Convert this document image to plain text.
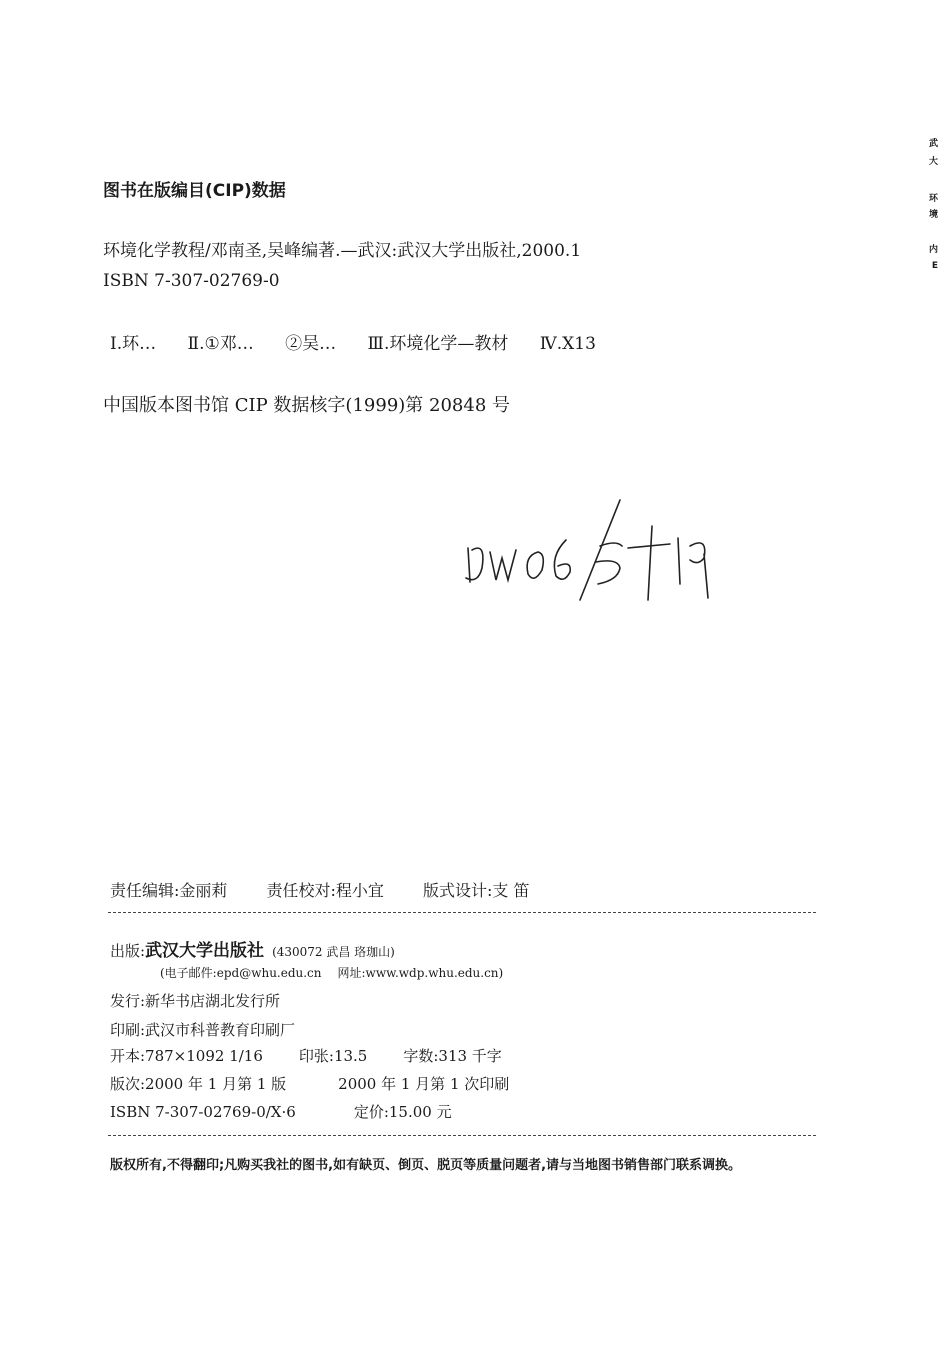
图书在版编目(CIP)数据
环境化学教程/邓南圣,吴峰编著.—武汉:武汉大学出版社,2000.1
ISBN 7-307-02769-0
Ⅰ.环… Ⅱ.①邓… ②吴… Ⅲ.环境化学—教材 Ⅳ.X13
中国版本图书馆 CIP 数据核字(1999)第 20848 号
责任编辑:金丽莉 责任校对:程小宜 版式设计:支 笛
出版:武汉大学出版社 (430072 武昌 珞珈山)
(电子邮件:epd@whu.edu.cn 网址:www.wdp.whu.edu.cn)
发行:新华书店湖北发行所
印刷:武汉市科普教育印刷厂
开本:787×1092 1/16 印张:13.5 字数:313 千字
版次:2000 年 1 月第 1 版	2000 年 1 月第 1 次印刷
ISBN 7-307-02769-0/X·6	定价:15.00 元
版权所有,不得翻印;凡购买我社的图书,如有缺页、倒页、脱页等质量问题者,请与当地图书销售部门联系调换。
武
大
环
境
内
E
